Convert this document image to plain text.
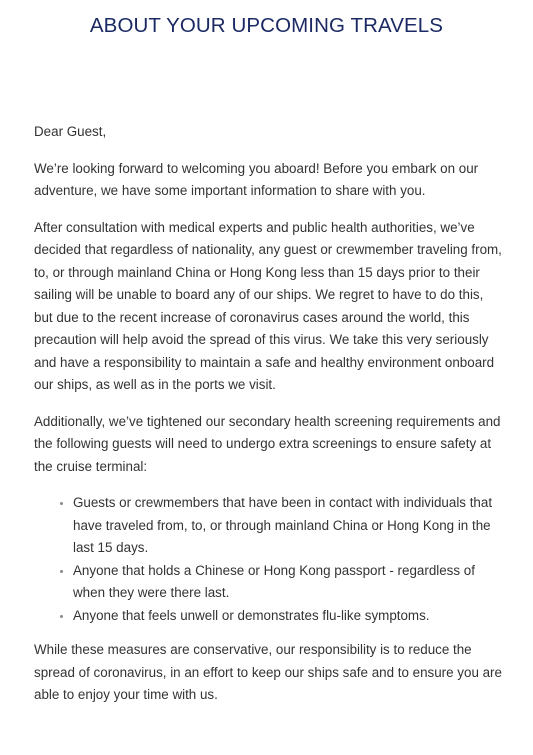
ABOUT YOUR UPCOMING TRAVELS

Dear Guest,

We’re looking forward to welcoming you aboard! Before you embark on our adventure, we have some important information to share with you.

After consultation with medical experts and public health authorities, we’ve decided that regardless of nationality, any guest or crewmember traveling from, to, or through mainland China or Hong Kong less than 15 days prior to their sailing will be unable to board any of our ships. We regret to have to do this, but due to the recent increase of coronavirus cases around the world, this precaution will help avoid the spread of this virus. We take this very seriously and have a responsibility to maintain a safe and healthy environment onboard our ships, as well as in the ports we visit.

Additionally, we’ve tightened our secondary health screening requirements and the following guests will need to undergo extra screenings to ensure safety at the cruise terminal:

• Guests or crewmembers that have been in contact with individuals that have traveled from, to, or through mainland China or Hong Kong in the last 15 days.
• Anyone that holds a Chinese or Hong Kong passport - regardless of when they were there last.
• Anyone that feels unwell or demonstrates flu-like symptoms.

While these measures are conservative, our responsibility is to reduce the spread of coronavirus, in an effort to keep our ships safe and to ensure you are able to enjoy your time with us.
